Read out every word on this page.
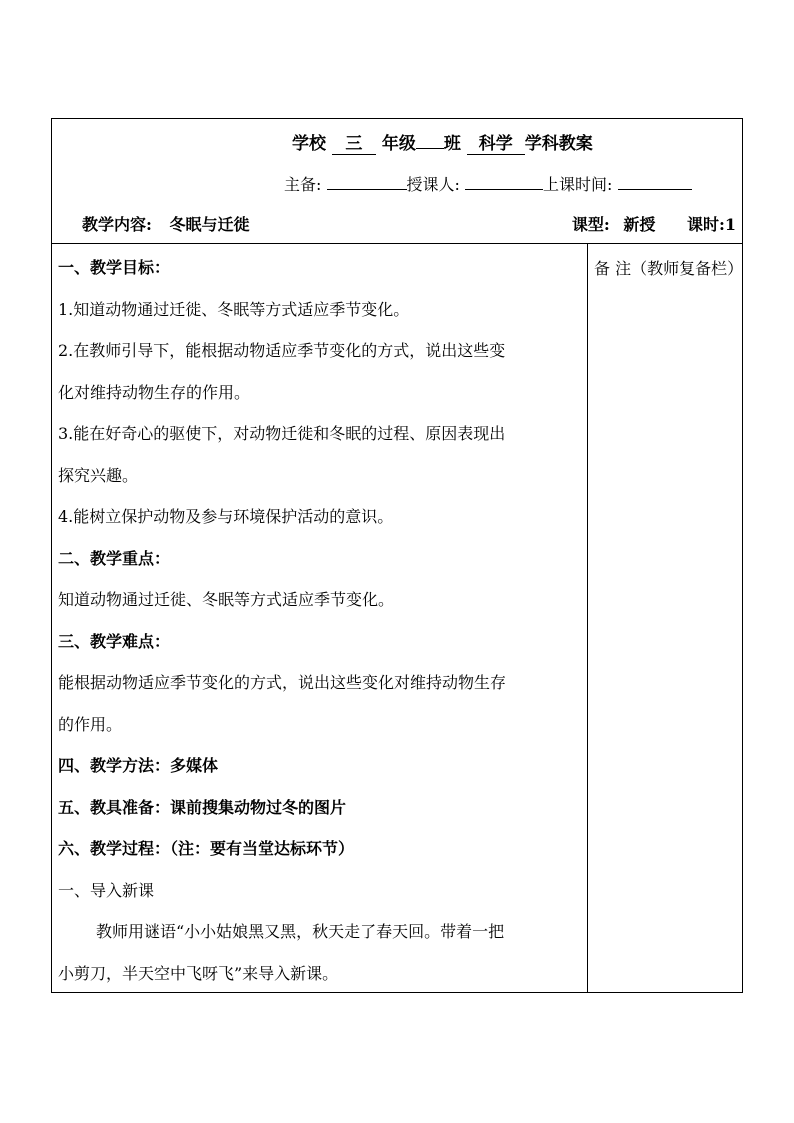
学校 三 年级 班 科学 学科教案
主备:	授课人:	上课时间:
教学内容: 冬眠与迁徙	课型: 新授 课时:1
一、教学目标：
1.知道动物通过迁徙、冬眠等方式适应季节变化。
2.在教师引导下，能根据动物适应季节变化的方式，说出这些变
化对维持动物生存的作用。
3.能在好奇心的驱使下，对动物迁徙和冬眠的过程、原因表现出
探究兴趣。
4.能树立保护动物及参与环境保护活动的意识。
二、教学重点：
知道动物通过迁徙、冬眠等方式适应季节变化。
三、教学难点：
能根据动物适应季节变化的方式，说出这些变化对维持动物生存
的作用。
四、教学方法：多媒体
五、教具准备：课前搜集动物过冬的图片
六、教学过程：（注：要有当堂达标环节）
一、导入新课
教师用谜语“小小姑娘黑又黑，秋天走了春天回。带着一把
小剪刀，半天空中飞呀飞”来导入新课。
备 注（教师复备栏）
